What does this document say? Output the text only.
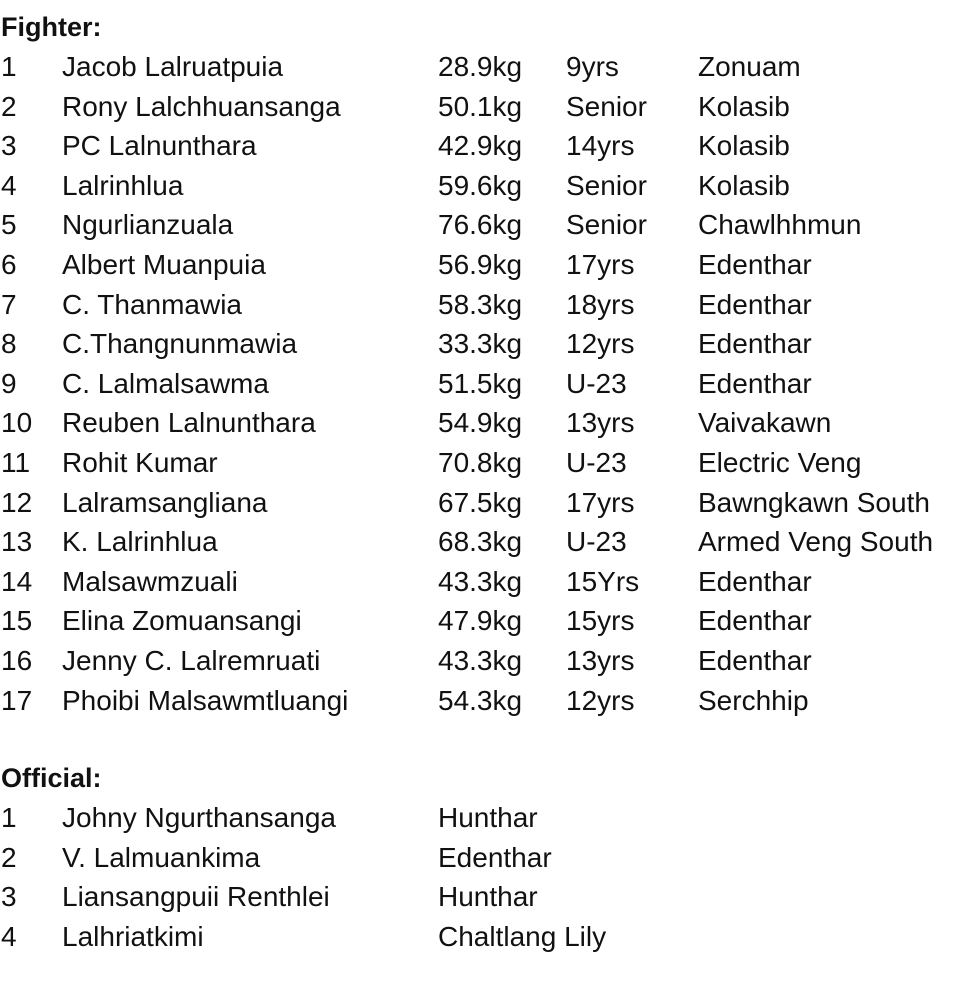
Fighter:
1 Jacob Lalruatpuia	28.9kg 9yrs	Zonuam
2 Rony Lalchhuansanga	50.1kg Senior Kolasib
3 PC Lalnunthara	42.9kg 14yrs Kolasib
4 Lalrinhlua	59.6kg Senior Kolasib
5 Ngurlianzuala	76.6kg Senior Chawlhhmun
6 Albert Muanpuia	56.9kg 17yrs Edenthar
7 C. Thanmawia	58.3kg 18yrs Edenthar
8 C.Thangnunmawia	33.3kg 12yrs Edenthar
9 C. Lalmalsawma	51.5kg U-23	Edenthar
10 Reuben Lalnunthara	54.9kg 13yrs Vaivakawn
11 Rohit Kumar	70.8kg U-23	Electric Veng
12 Lalramsangliana	67.5kg 17yrs Bawngkawn South
13 K. Lalrinhlua	68.3kg U-23	Armed Veng South
14 Malsawmzuali	43.3kg 15Yrs Edenthar
15 Elina Zomuansangi	47.9kg 15yrs Edenthar
16 Jenny C. Lalremruati	43.3kg 13yrs Edenthar
17 Phoibi Malsawmtluangi	54.3kg 12yrs Serchhip
Official:
1 Johny Ngurthansanga	Hunthar
2 V. Lalmuankima	Edenthar
3 Liansangpuii Renthlei	Hunthar
4 Lalhriatkimi	Chaltlang Lily
